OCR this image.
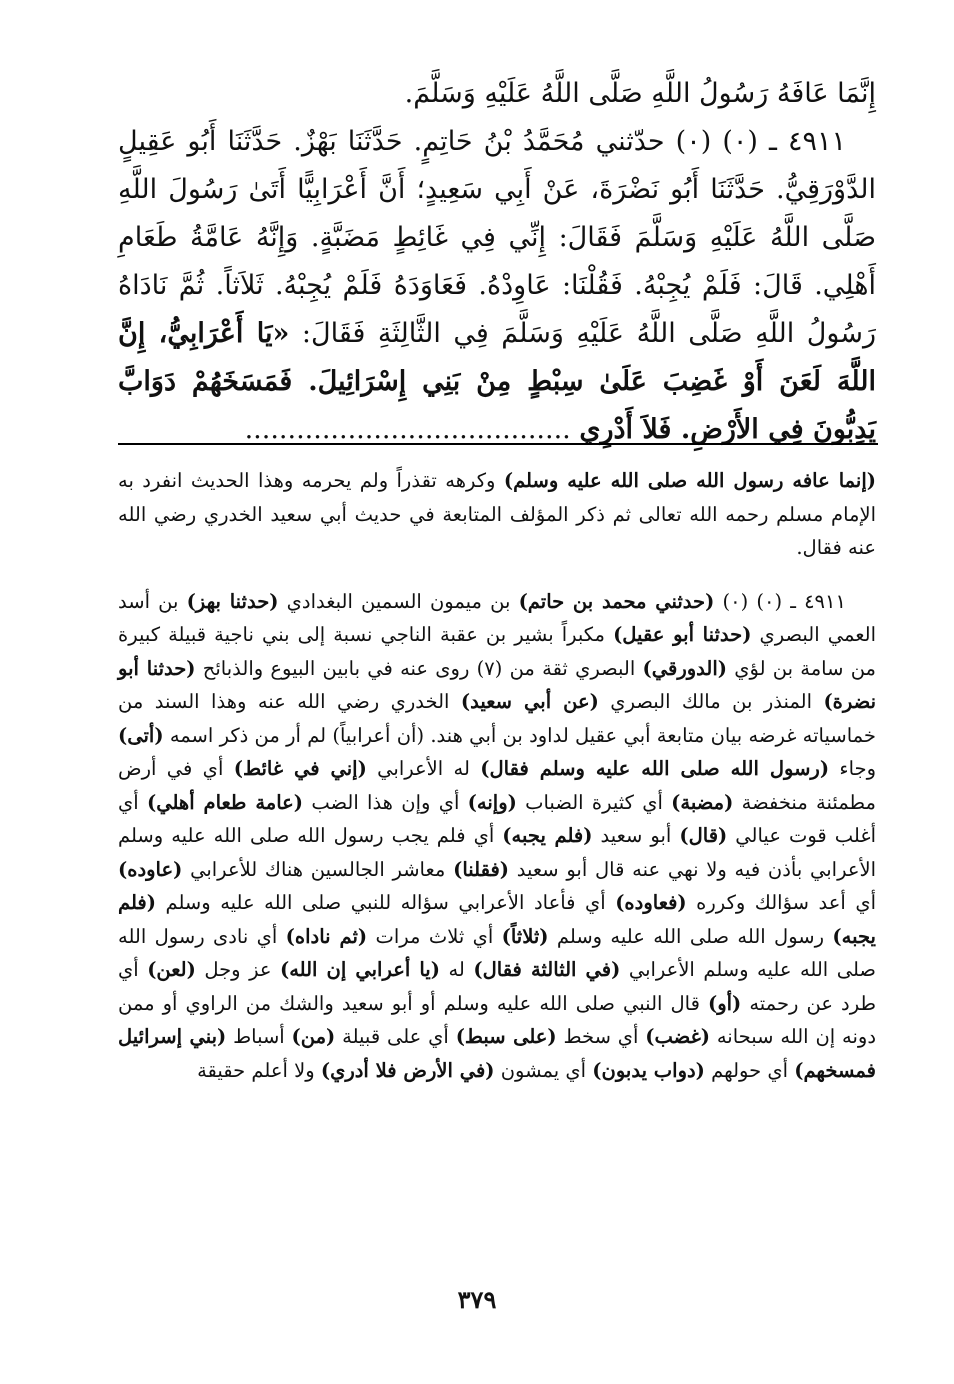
إِنَّمَا عَافَهُ رَسُولُ اللَّهِ صَلَّى اللَّهُ عَلَيْهِ وَسَلَّمَ.

٤٩١١ ـ (٠) (٠) حدّثني مُحَمَّدُ بْنُ حَاتِمٍ. حَدَّثَنَا بَهْزٌ. حَدَّثَنَا أَبُو عَقِيلٍ الدَّوْرَقِيُّ. حَدَّثَنَا أَبُو نَضْرَةَ، عَنْ أَبِي سَعِيدٍ؛ أَنَّ أَعْرَابِيًّا أَتَىٰ رَسُولَ اللَّهِ صَلَّى اللَّهُ عَلَيْهِ وَسَلَّمَ فَقَالَ: إِنِّي فِي غَائِطٍ مَضَبَّةٍ. وَإِنَّهُ عَامَّةُ طَعَامِ أَهْلِي. قَالَ: فَلَمْ يُجِبْهُ. فَقُلْنَا: عَاوِدْهُ. فَعَاوَدَهُ فَلَمْ يُجِبْهُ. ثَلاَثاً. ثُمَّ نَادَاهُ رَسُولُ اللَّهِ صَلَّى اللَّهُ عَلَيْهِ وَسَلَّمَ فِي الثَّالِثَةِ فَقَالَ: «يَا أَعْرَابِيُّ، إِنَّ اللَّهَ لَعَنَ أَوْ غَضِبَ عَلَىٰ سِبْطٍ مِنْ بَنِي إِسْرَائِيلَ. فَمَسَخَهُمْ دَوَابَّ يَدِبُّونَ فِي الأَرْضِ. فَلاَ أَدْرِي ......................................

(إنما عافه رسول الله صلى الله عليه وسلم) وكرهه تقذراً ولم يحرمه وهذا الحديث انفرد به الإمام مسلم رحمه الله تعالى ثم ذكر المؤلف المتابعة في حديث أبي سعيد الخدري رضي الله عنه فقال.

٤٩١١ ـ (٠) (٠) (حدثني محمد بن حاتم) بن ميمون السمين البغدادي (حدثنا بهز) بن أسد العمي البصري (حدثنا أبو عقيل) مكبراً بشير بن عقبة الناجي نسبة إلى بني ناجية قبيلة كبيرة من سامة بن لؤي (الدورقي) البصري ثقة من (٧) روى عنه في بابين البيوع والذبائح (حدثنا أبو نضرة) المنذر بن مالك البصري (عن أبي سعيد) الخدري رضي الله عنه وهذا السند من خماسياته غرضه بيان متابعة أبي عقيل لداود بن أبي هند. (أن أعرابياً) لم أر من ذكر اسمه (أتى) وجاء (رسول الله صلى الله عليه وسلم فقال) له الأعرابي (إني في غائط) أي في أرض مطمئنة منخفضة (مضبة) أي كثيرة الضباب (وإنه) أي وإن هذا الضب (عامة طعام أهلي) أي أغلب قوت عيالي (قال) أبو سعيد (فلم يجبه) أي فلم يجب رسول الله صلى الله عليه وسلم الأعرابي بأذن فيه ولا نهي عنه قال أبو سعيد (فقلنا) معاشر الجالسين هناك للأعرابي (عاوده) أي أعد سؤالك وكرره (فعاوده) أي فأعاد الأعرابي سؤاله للنبي صلى الله عليه وسلم (فلم يجبه) رسول الله صلى الله عليه وسلم (ثلاثاً) أي ثلاث مرات (ثم ناداه) أي نادى رسول الله صلى الله عليه وسلم الأعرابي (في الثالثة فقال) له (يا أعرابي إن الله) عز وجل (لعن) أي طرد عن رحمته (أو) قال النبي صلى الله عليه وسلم أو أبو سعيد والشك من الراوي أو ممن دونه إن الله سبحانه (غضب) أي سخط (على سبط) أي على قبيلة (من) أسباط (بني إسرائيل فمسخهم) أي حولهم (دواب يدبون) أي يمشون (في الأرض فلا أدري) ولا أعلم حقيقة

٣٧٩
